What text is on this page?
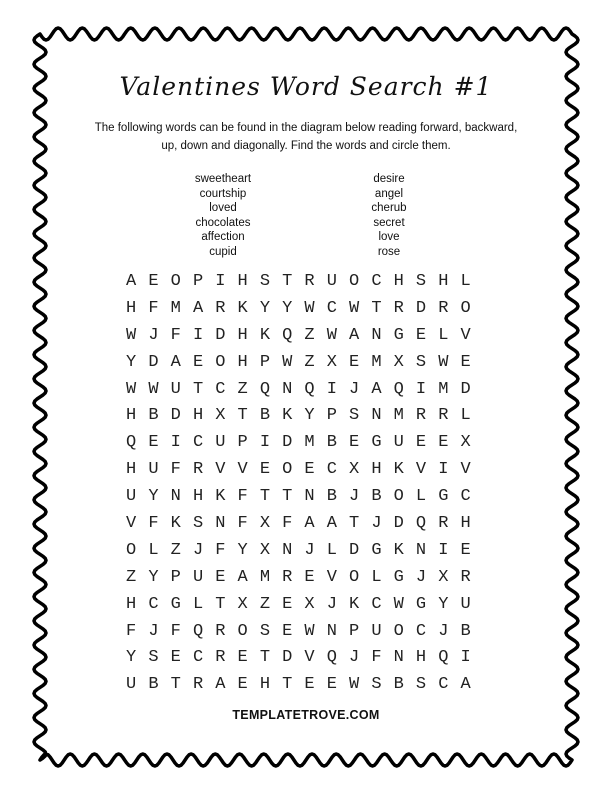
Valentines Word Search #1
The following words can be found in the diagram below reading forward, backward, up, down and diagonally. Find the words and circle them.
sweetheart
courtship
loved
chocolates
affection
cupid
desire
angel
cherub
secret
love
rose
A E O P I H S T R U O C H S H L
H F M A R K Y Y W C W T R D R O
W J F I D H K Q Z W A N G E L V
Y D A E O H P W Z X E M X S W E
W W U T C Z Q N Q I J A Q I M D
H B D H X T B K Y P S N M R R L
Q E I C U P I D M B E G U E E X
H U F R V V E O E C X H K V I V
U Y N H K F T T N B J B O L G C
V F K S N F X F A A T J D Q R H
O L Z J F Y X N J L D G K N I E
Z Y P U E A M R E V O L G J X R
H C G L T X Z E X J K C W G Y U
F J F Q R O S E W N P U O C J B
Y S E C R E T D V Q J F N H Q I
U B T R A E H T E E W S B S C A
TEMPLATETROVE.COM
